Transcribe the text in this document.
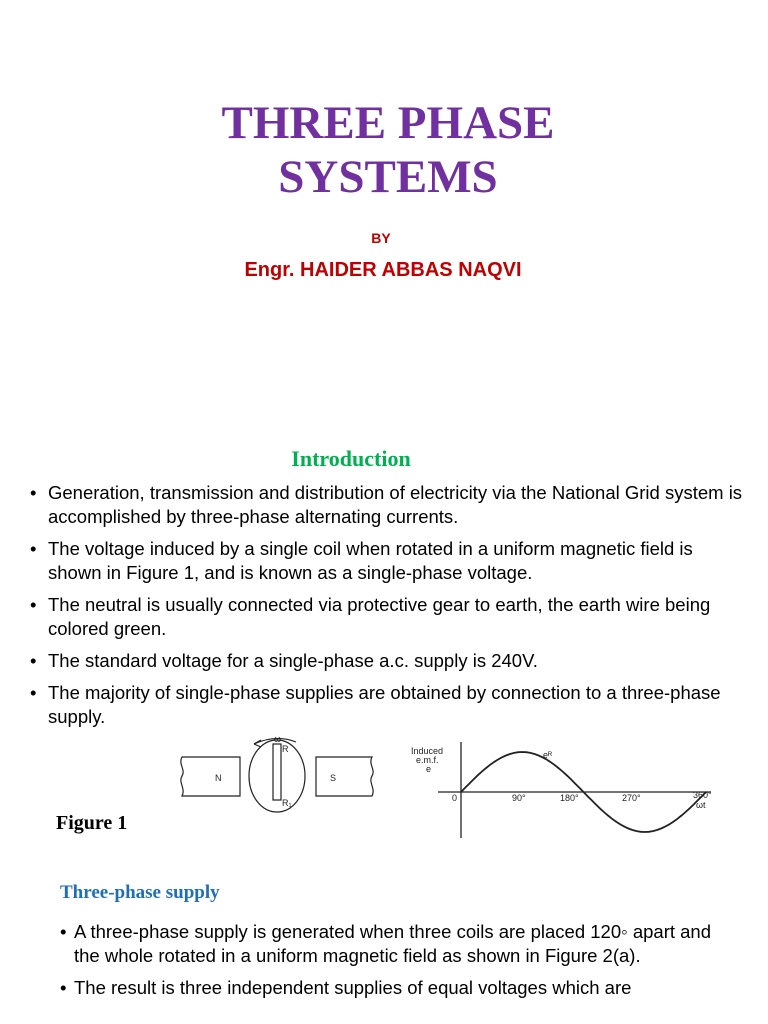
THREE PHASE
SYSTEMS
BY
Engr. HAIDER ABBAS NAQVI
Introduction
• Generation, transmission and distribution of electricity via the National Grid system is accomplished by three-phase alternating currents.
• The voltage induced by a single coil when rotated in a uniform magnetic field is shown in Figure 1, and is known as a single-phase voltage.
• The neutral is usually connected via protective gear to earth, the earth wire being colored green.
• The standard voltage for a single-phase a.c. supply is 240V.
• The majority of single-phase supplies are obtained by connection to a three-phase supply.
Figure 1
N	S
ω
R
R₁
Induced
e.m.f.
e
eᴿ
0	90°	180°	270°	360°
ωt
Three-phase supply
• A three-phase supply is generated when three coils are placed 120◦ apart and the whole rotated in a uniform magnetic field as shown in Figure 2(a).
• The result is three independent supplies of equal voltages which are
